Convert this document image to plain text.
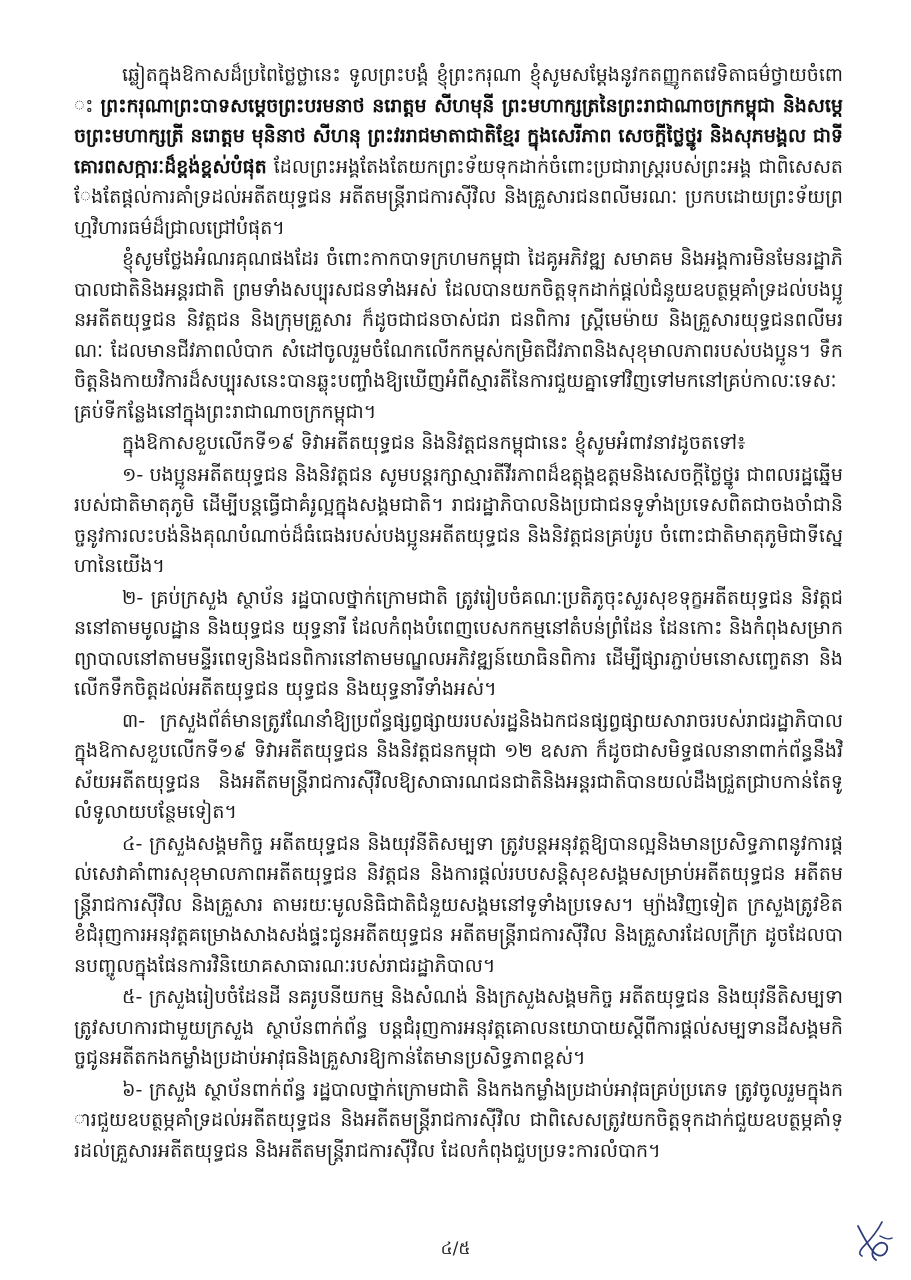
ឆ្លៀតក្នុងឱកាសដ៏ប្រពៃថ្លៃថ្លានេះ ទូលព្រះបង្គំ ខ្ញុំព្រះករុណា ខ្ញុំសូមសម្តែងនូវកតញ្ញូកតវេទិតាធម៌ថ្វាយចំពោះ ព្រះករុណាព្រះបាទសម្តេចព្រះបរមនាថ នរោត្តម សីហមុនី ព្រះមហាក្សត្រនៃព្រះរាជាណាចក្រកម្ពុជា និងសម្តេចព្រះមហាក្សត្រី នរោត្តម មុនិនាថ សីហនុ ព្រះវររាជមាតាជាតិខ្មែរ ក្នុងសេរីភាព សេចក្តីថ្លៃថ្នូរ និងសុភមង្គល ជាទីគោរពសក្ការៈដ៏ខ្ពង់ខ្ពស់បំផុត ដែលព្រះអង្គតែងតែយកព្រះទ័យទុកដាក់ចំពោះប្រជារាស្ត្ររបស់ព្រះអង្គ ជាពិសេសតែងតែផ្តល់ការគាំទ្រដល់អតីតយុទ្ធជន អតីតមន្ត្រីរាជការស៊ីវិល និងគ្រួសារជនពលីមរណៈ ប្រកបដោយព្រះទ័យព្រហ្មវិហារធម៌ដ៏ជ្រាលជ្រៅបំផុត។

ខ្ញុំសូមថ្លែងអំណរគុណផងដែរ ចំពោះកាកបាទក្រហមកម្ពុជា ដៃគូអភិវឌ្ឍ សមាគម និងអង្គការមិនមែនរដ្ឋាភិបាលជាតិនិងអន្តរជាតិ ព្រមទាំងសប្បុរសជនទាំងអស់ ដែលបានយកចិត្តទុកដាក់ផ្តល់ជំនួយឧបត្ថម្ភគាំទ្រដល់បងប្អូនអតីតយុទ្ធជន និវត្តជន និងក្រុមគ្រួសារ ក៏ដូចជាជនចាស់ជរា ជនពិការ ស្ត្រីមេម៉ាយ និងគ្រួសារយុទ្ធជនពលីមរណៈ ដែលមានជីវភាពលំបាក សំដៅចូលរួមចំណែកលើកកម្ពស់កម្រិតជីវភាពនិងសុខុមាលភាពរបស់បងប្អូន។ ទឹកចិត្តនិងកាយវិការដ៏សប្បុរសនេះបានឆ្លុះបញ្ចាំងឱ្យឃើញអំពីស្មារតីនៃការជួយគ្នាទៅវិញទៅមកនៅគ្រប់កាលៈទេសៈ គ្រប់ទីកន្លែងនៅក្នុងព្រះរាជាណាចក្រកម្ពុជា។

ក្នុងឱកាសខួបលើកទី១៩ ទិវាអតីតយុទ្ធជន និងនិវត្តជនកម្ពុជានេះ ខ្ញុំសូមអំពាវនាវដូចតទៅ៖

១- បងប្អូនអតីតយុទ្ធជន និងនិវត្តជន សូមបន្តរក្សាស្មារតីវីរភាពដ៏ឧត្តុង្គឧត្តមនិងសេចក្តីថ្លៃថ្នូរ ជាពលរដ្ឋឆ្នើមរបស់ជាតិមាតុភូមិ ដើម្បីបន្តធ្វើជាគំរូល្អក្នុងសង្គមជាតិ។ រាជរដ្ឋាភិបាលនិងប្រជាជនទូទាំងប្រទេសពិតជាចងចាំជានិច្ចនូវការលះបង់និងគុណបំណាច់ដ៏ធំធេងរបស់បងប្អូនអតីតយុទ្ធជន និងនិវត្តជនគ្រប់រូប ចំពោះជាតិមាតុភូមិជាទីស្នេហានៃយើង។

២- គ្រប់ក្រសួង ស្ថាប័ន រដ្ឋបាលថ្នាក់ក្រោមជាតិ ត្រូវរៀបចំគណៈប្រតិភូចុះសួរសុខទុក្ខអតីតយុទ្ធជន និវត្តជននៅតាមមូលដ្ឋាន និងយុទ្ធជន យុទ្ធនារី ដែលកំពុងបំពេញបេសកកម្មនៅតំបន់ព្រំដែន ដែនកោះ និងកំពុងសម្រាកព្យាបាលនៅតាមមន្ទីរពេទ្យនិងជនពិការនៅតាមមណ្ឌលអភិវឌ្ឍន៍យោធិនពិការ ដើម្បីផ្សារភ្ជាប់មនោសញ្ចេតនា និងលើកទឹកចិត្តដល់អតីតយុទ្ធជន យុទ្ធជន និងយុទ្ធនារីទាំងអស់។

៣- ក្រសួងព័ត៌មានត្រូវណែនាំឱ្យប្រព័ន្ធផ្សព្វផ្សាយរបស់រដ្ឋនិងឯកជនផ្សព្វផ្សាយសារាចរបស់រាជរដ្ឋាភិបាលក្នុងឱកាសខួបលើកទី១៩ ទិវាអតីតយុទ្ធជន និងនិវត្តជនកម្ពុជា ១២ ឧសភា ក៏ដូចជាសមិទ្ធផលនានាពាក់ព័ន្ធនឹងវិស័យអតីតយុទ្ធជន និងអតីតមន្ត្រីរាជការស៊ីវិលឱ្យសាធារណជនជាតិនិងអន្តរជាតិបានយល់ដឹងជ្រួតជ្រាបកាន់តែទូលំទូលាយបន្ថែមទៀត។

៤- ក្រសួងសង្គមកិច្ច អតីតយុទ្ធជន និងយុវនីតិសម្បទា ត្រូវបន្តអនុវត្តឱ្យបានល្អនិងមានប្រសិទ្ធភាពនូវការផ្តល់សេវាគាំពារសុខុមាលភាពអតីតយុទ្ធជន និវត្តជន និងការផ្តល់របបសន្តិសុខសង្គមសម្រាប់អតីតយុទ្ធជន អតីតមន្ត្រីរាជការស៊ីវិល និងគ្រួសារ តាមរយៈមូលនិធិជាតិជំនួយសង្គមនៅទូទាំងប្រទេស។ ម្យ៉ាងវិញទៀត ក្រសួងត្រូវខិតខំជំរុញការអនុវត្តគម្រោងសាងសង់ផ្ទះជូនអតីតយុទ្ធជន អតីតមន្ត្រីរាជការស៊ីវិល និងគ្រួសារដែលក្រីក្រ ដូចដែលបានបញ្ចូលក្នុងផែនការវិនិយោគសាធារណៈរបស់រាជរដ្ឋាភិបាល។

៥- ក្រសួងរៀបចំដែនដី នគរូបនីយកម្ម និងសំណង់ និងក្រសួងសង្គមកិច្ច អតីតយុទ្ធជន និងយុវនីតិសម្បទា ត្រូវសហការជាមួយក្រសួង ស្ថាប័នពាក់ព័ន្ធ បន្តជំរុញការអនុវត្តគោលនយោបាយស្តីពីការផ្តល់សម្បទានដីសង្គមកិច្ចជូនអតីតកងកម្លាំងប្រដាប់អាវុធនិងគ្រួសារឱ្យកាន់តែមានប្រសិទ្ធភាពខ្ពស់។

៦- ក្រសួង ស្ថាប័នពាក់ព័ន្ធ រដ្ឋបាលថ្នាក់ក្រោមជាតិ និងកងកម្លាំងប្រដាប់អាវុធគ្រប់ប្រភេទ ត្រូវចូលរួមក្នុងការជួយឧបត្ថម្ភគាំទ្រដល់អតីតយុទ្ធជន និងអតីតមន្ត្រីរាជការស៊ីវិល ជាពិសេសត្រូវយកចិត្តទុកដាក់ជួយឧបត្ថម្ភគាំទ្រដល់គ្រួសារអតីតយុទ្ធជន និងអតីតមន្ត្រីរាជការស៊ីវិល ដែលកំពុងជួបប្រទះការលំបាក។

៤/៥
